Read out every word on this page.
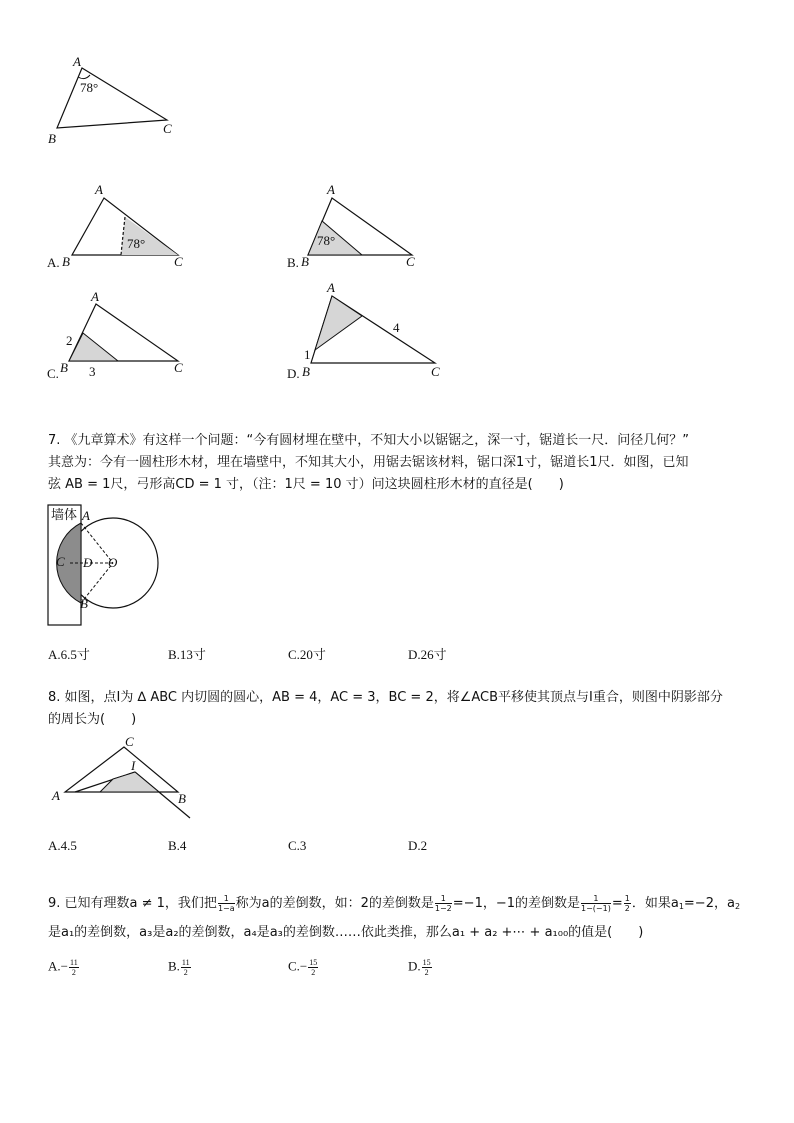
A
B
C
78°
A.
A
B	C
78°
B.
A
B	C
78°
C.
A
B	C
2
3	D.
A
B	C
1
4
7. 《九章算术》有这样一个问题：“今有圆材埋在壁中，不知大小以锯锯之，深一寸，锯道长一尺．问径几何？”
其意为：今有一圆柱形木材，埋在墙壁中，不知其大小，用锯去锯该材料，锯口深1寸，锯道长1尺．如图，已知
弦 AB = 1尺，弓形高CD = 1 寸，（注：1尺 = 10 寸）问这块圆柱形木材的直径是(　　)
墙体 A
B
C D O
A.6.5寸	B.13寸	C.20寸	D.26寸
8. 如图，点I为 ∆ ABC 内切圆的圆心，AB = 4，AC = 3，BC = 2，将∠ACB平移使其顶点与I重合，则图中阴影部分
的周长为(　　)
C
A	B
I
A.4.5	B.4	C.3	D.2
9. 已知有理数a ≠ 1，我们把 $\frac{1}{1-a}$ 称为a的差倒数，如：2的差倒数是 $\frac{1}{1-2} =-1$，−1的差倒数是 $\frac{1}{1-(-1)} = \frac{1}{2}$ ．如果$a_1=-2$，$a_2$
是a₁的差倒数，a₃是a₂的差倒数，a₄是a₃的差倒数……依此类推，那么a₁ + a₂ +⋯ + a₁₀₀的值是(　　)
$A.- \frac{11}{2}$	B. $\frac{11}{2}$	$C.- \frac{15}{2}$	D. $\frac{15}{2}$
